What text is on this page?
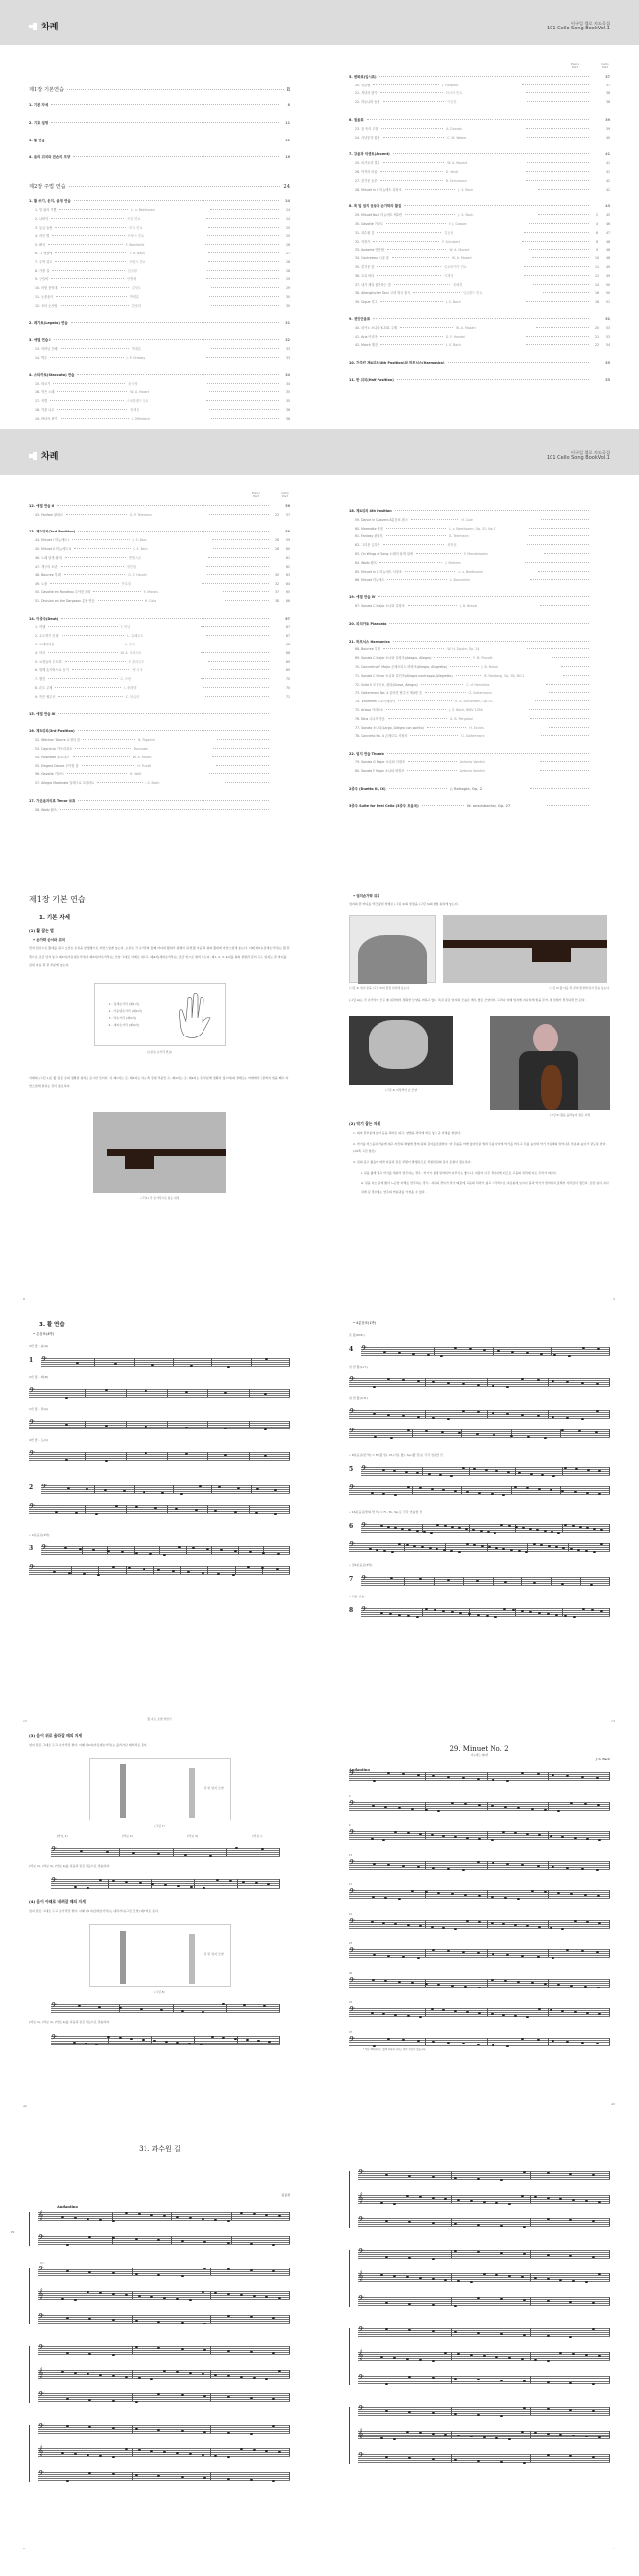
차례
제1장 기본연습	8
1. 기본 자세	8
2. 기호 설명	11
3. 활 연습	12
4. 음의 위치와 왼손의 모양	16
제2장 주법 연습	24
1. 활 쓰기, 운지, 음정 연습	24
1. 망 위의 기쁨	L. v. Beethoven	24
2. 나비야	독일 민요	24
3. 둥글 놀람	미국 민요	25
4. 작은 별	프랑스 민요	25
5. 뻐꾹	F. Wohlfahrt	26
6. 그 옛날에	T. H. Bayly	27
7. 주먹 쥐고	프랑스 민요	28
8. 가을 길	김규환	28
9. 구슬비	안병원	29
10. 어린 음악대	김성도	29
11. 눈꽃송이	박재훈	30
12. 꼬마 눈사람	한용희	30
2. 레가토(Legato) 연습	31
3. 애덜 연습 I	32
13. 어머님 은혜	박재훈	33
14. 벽수	J. P. Ordway	33
4. 스타카토(Staccato) 연습	34
15. 따오기	윤극영	34
16. 작은 노래	W. A. Mozart	35
17. 작별	스코틀랜드 민요	35
18. 겨울 나무	정세문	36
19. 바다의 왼기	J. Offenbach	36
이구일 첼로 지도곡집
101 Cello Song BookVol.1
Piano Part
Cello Part
5. 변화표(임시표)	37
20. 징글벨	J. Pierpont	37
21. 저녁의 한가	러시아 민요	38
22. 하늘나라 동화	이강산	38
6. 점음표	39
23. 꿈 속의 고향	A. Dvorak	39
24. 사냥꾼의 합창	C. M. Weber	40
7. 강음과 악센트(Accent)	41
25. 피가로의 결혼	W. A. Mozart	41
26. 여자의 마음	G. Verdi	41
27. 즐거운 농부	R. Schumann	42
28. Minuet in C 미뉴에트 다장조	J. S. Bach	42
8. 목 밑 엄지 운동과 손가락의 활짐	43
29. Minuet No.2 미뉴에트 제2번	J. S. Bach	2	45
30. Gavotte 가보트	F. J. Gossec	4	46
31. 과수원 길	김공선	6	47
32. 자장가	F. Schubert	8	48
33. Andante 안단테	W. A. Mozart	9	48
34. Contretanz 시골 춤	W. A. Mozart	10	48
35. 즐거운 춤	슬로바키아 민요	11	49
36. 초록 바다	이계석	12	49
37. 내가 제일 좋아하는 말	정혜경	14	50
38. Altenglischer Tanz 고대 영국 춤곡	잉글랜드 민요	16	50
39. Gigue 지그	J. S. Bach	18	51
9. 셋잇단음표	52
40. 피아노 소나타 K.331 주제	W. A. Mozart	20	53
41. Aria 아리아	G. F. Handel	21	53
42. March 행진	J. S. Bach	22	54
10. 간추린 제4위치(4th Position)와 하모닉스(Harmonics)	55
11. 반 위치(Half Position)	55
차례
Piano Part
Cello Part
12. 애덜 연습 II	56
43. Fanfare 팡파르	G. P. Telemann	23	57
13. 제2위치(2nd Position)	58
44. Minuet I 미뉴에트 I	J. S. Bach	26	59
45. Minuet II 미뉴에트 II	J. S. Bach	28	60
46. 노래 날개 위에	멘델스존	61
47. 개구리 소년	정민섭	62
48. Bourree 부레	G. F. Handel	30	63
49. 노을	안호철	32	64
50. Gavotte en Rondeau 우아한 윤회	M. Marais	37	65
51. Division on the Dargason 분할 연습	H. Cole	38	66
14. 이중주(Deut)	67
1. 여행	T. 비닝	67
2. 초두까기 인형	L. 슈베르트	67
3. 도레미파솔	L. 몰러	68
4. 야곡	W. A. 모차르트	68
5. 요정들의 무도회	F. 블라우트	69
6. 냉해 손가락으로 듣기	옛 무곡	69
7. 행진	C. 프란	70
8. 론도 주제	I. 플레엘	70
9. 작은 협주곡	C. 당클라	71
15. 애덜 연습 III
16. 제3위치(3rd Position)
52. Witches' Dance 요정의 춤	N. Paganini
53. Capriccio 카프리치오	Rochaetz
54. Polonaise 폴로네즈	W. A. Mozart
55. Elegant Dance 우아한 춤	H. Purcell
56. Gavotte 가보트	H. Wolf
57. Allegro Moderato 알레그로 모데라토	J. S. Bach
17. 가온음자리표 Tenor 보표
58. Waltz 왈츠
이구일 첼로 지도곡집
101 Cello Song BookVol.1
18. 제4위치 4th Position
59. Dance in Quavers 8분음표 댄스	H. Cole
60. Marmotte 마멋	L. v. Beethoven, Op. 52, No. 7
61. Fantasy 판타지	G. Telemann
62. 그리운 금강산	최영섭
63. On Wings of Song 노래의 날개 위에	F. Mendelssohn
64. Waltz 왈츠	J. Brahms
65. Minuet in G 미뉴에트 사장조	L. v. Beethoven
66. Minuet 미뉴에트	L. Boccherini
19. 애덜 연습 IV
67. Sonata C Major 소나타 다장조	J. B. Breval
20. 피치카토 Pizzicato
21. 하모닉스 Harmonics
68. Bourree 부레	W. H. Squire, Op. 24
69. Sonata C Major 소나타 다장조(Adagio, Allegro)	F. M. Pionett
70. Concertino F Major 콘체르티노 바장조(Allegro, Allegretto)	J. B. Breval
71. Sonata C Minor 소나타 다단조(Allegro nontroppo, Allegretto)	B. Romberg, Op. 38, NO.1
72. Suite II 모음곡 II, 판타(Grave, Allegro)	C. d' Hervelois
73. Goltermann No. 4 골터만 협주곡 제4번 중	G. Goltermann
74. Traumerei 트로이메라이	R. A. Schumann, Op.15-7
75. Arioso 아리오소	J. S. Bach, BWV 1056
76. Nina 니나의 죽음	G. B. Pergolesi
77. Sonata 소나타(Largo, Allegro con spirito)	H. Eccles
78. Concerto No. 4 콘체르토 사장조	G. Goltermann
22. 엄지 연습 Thumb
79. Sonata G Major 소나타 사장조	Antonio Vandini
80. Sonata F Major 소나타 바장조	Antonio Vandini
2중주 (Duetto III, IX)	J. Rehagle, Op. 2
3중주 Suite for Drei Cello (3중주 모음곡)	W. aeschbacher, Op. 27
제1장 기본 연습
1. 기본 자세
(1) 활 잡는 법
• 손가락 순서와 위치
먼저 왼손으로 활대를 잡고 오른손 손목을 앞 방향으로 자연스럽게 놓는다. 오른손 각 손가락의 둘째 마디와 활대가 평행이 되게 활 아음 쪽 위의 활대에 자연스럽게 놓는다. 이때 제1지(집게손가락)는 활 끝 쪽으로 조금 당겨 놓고 제2지(가운뎃손가락)와 제3지(약손가락)는 모양 그대로 아래로 내리고, 제4지(새끼손가락)는 조금 앞으로 벌려 놓는다. 제1, 2, 3, 4지를 위의 설명과 같이 두고, 엄지는 끝 마디를 굽혀 아음 쪽 끝 부분에 놓는다.
1 - 집게손가락 (제1지)
2 - 가운뎃손가락 (제2지)
3 - 약손가락 (제3지)
4 - 새끼손가락 (제4지)
(오른손 손가락 번호)
아래의 (그림 1)은 활 잡은 손의 정확한 위치를 표시한 것이다. 즉 제1지는 ①, 제2지는 아음 쪽 강철 부분인 ②, 제3지는 ③, 제4지는 ④ 부분에 정확히 접으며(의 상태로), 어깨에서 손끝까지 힘을 빼고 자연스럽게 취하는 것이 중요하다.
(그림1) 각 손가락으로 잡는 위치
8
• 엄지손가락 위치
엄지의 끝 마디를 약간 굽힌 상태로 (그림 2)의 흰점을 (그림 3)의 흰점 위치에 놓는다.
(그림 2) 엄지 끝을 (그림 3)의 흰점 위치에 놓는다.	(그림 3) 활 아음 쪽 끝의 흰점에 엄지 끝을 놓는다.
(그림 4)는 각 손가락이 모두 제 위치에서 정확한 모양을 취하고 있다. 특히 굽은 엄지의 모습은 매우 좋은 모양이다. 그러나 이때 엄지에 지나치게 힘을 주어, 팔 전체가 경직되면 안 된다.
(그림 4) 이상적인 손 모양
(그림 5) 활을 올려놓아 잡은 자세
(2) 악기 잡는 자세
1. 의자 끝부분에 앉아 등을 똑바로 펴고, 양발을 바닥에 바로 놓고 곧 자세를 취한다.
2. 악기를 비스듬히 가슴에 대고 자신의 체형에 맞게 핀의 길이를 조절한다. 양 무릎을 어깨 넓이만큼 벌려 무릎 사이에 악기를 끼우고 무릎 높이와 악기 가운데의 튀어나온 부분의 높이가 같도록 한다.(10쪽 그림 참조)
3. 핀의 길고 짧음에 따라 다음과 같은 상황이 발생하므로 적절한 핀의 길이 조절이 필요하다.
i. 핀을 짧게 뽑고 악기를 세워서 연주하는 경우 - 악기가 몸에 밀착되어 다루기는 좋으나, 지판이 너무 경사지게 되므로 고음의 처리에 다소 무리가 따른다.
ii. 핀을 다소 길게 뽑아 느슨한 자세로 연주하는 경우 - 지판의 경사가 적기 때문에 고음의 처리가 쉽고 시각적으로 여유롭게 보이나 몸과 악기가 밀착되지 못해서 거리감이 생긴다. 또한 핀이 지나치게 길 경우에는 연주의 역효과를 가져올 수 있다.
9
3. 활 연습
• 온음표(4박)
3번 줄 - 솔(G)
𝄢
1
2번 줄 - 레(D)
𝄢
1번 줄 - 라(A)
𝄢
4번 줄 - 도(C)
𝄢
𝄢
2
𝄢
• 2분음표(2박)
𝄢
3
𝄢
12	활 속도 조절 알맞기
• 4분음표(1박)
온 활(W.B.)
𝄢
4
밑 반 활(L.H.)
𝄢
위 반 활(U.H.)
𝄢
𝄢
• 8분음표(반 박) = Fr.(활 밑), M.(가운 활), Sp.(활 끝)로 각각 연습할 것
𝄢
5
𝄢
• 16분음표(반의 반 박) = Fr., M., Sp.로 각각 연습할 것
𝄢
6
𝄢
• 점2분음표(3박)
𝄢
7
• 리듬 연습
𝄢
8
13
(3) 음이 위로 올라갈 때의 지세
엄지 끝은 그대로 두고 손가락만 편다. 이때 제2지(가운뎃손가락)는 올리거나 제자리로 온다.
목 밑 엄지 모양
(그림 7)
(악보 1)	(악보 2)	(악보 3)	(악보 4)
𝄢
(악보 2), (악보 3), (악보 4)를 다음과 같은 리듬으로 연습하자.
𝄢
(4) 음이 아래로 내려갈 때의 지세
엄지 끝은 그대로 두고 손가락만 편다. 이때 제1지(집게손가락)는 내리거나(그림 모양) 제자리로 온다.
목 밑 엄지 모양
(그림 8)
𝄢
(악보 2), (악보 3), (악보 4)를 다음과 같은 리듬으로 연습하자.
𝄢
44
29. Minuet No. 2
미뉴에트 제2번
Andantino
J. S. Bach
𝄢
5
𝄢
9
𝄢
13
𝄢
17
𝄢
21
𝄢
25
𝄢
29
𝄢
33
𝄢
37
𝄢
* 악보 29번부터는 별책 부록에 피아노 반주 악보가 있습니다.
45
31. 과수원 길
Andantino
김공선
𝄞
𝄢
Pf.
𝄢
𝄞
𝄢
Vc.
𝄢
𝄞
𝄢
𝄢
𝄞
𝄢
6
𝄢
𝄞
𝄢
𝄢
𝄞
𝄢
𝄢
𝄞
𝄢
𝄢
𝄞
𝄢
7
